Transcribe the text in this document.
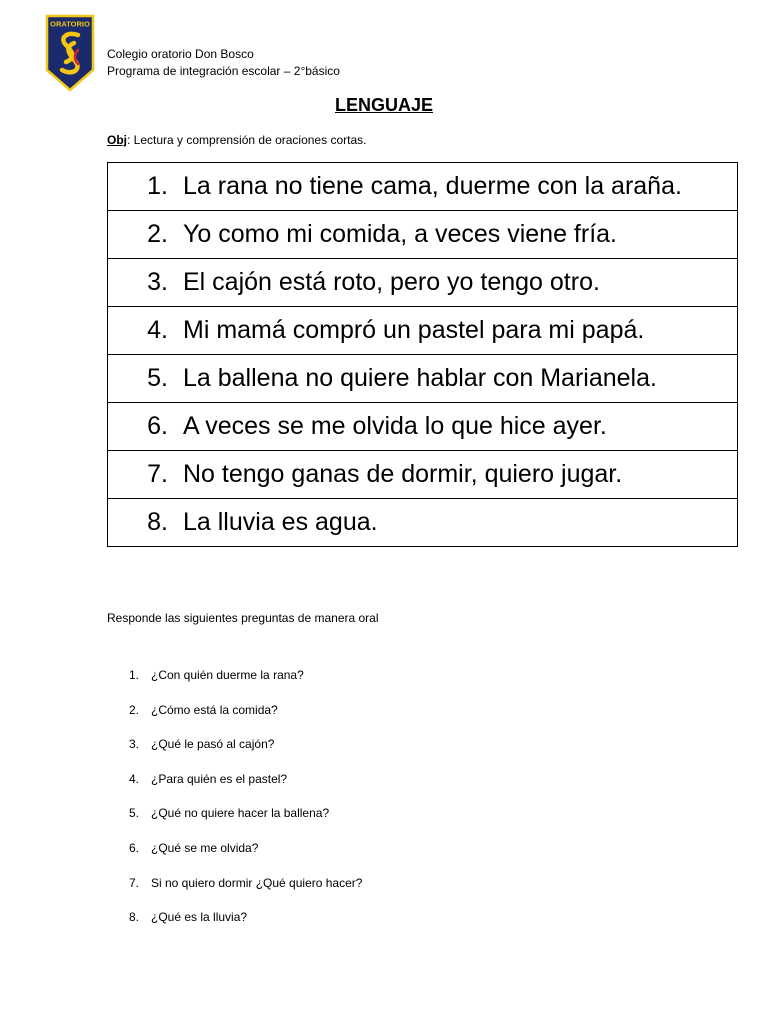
ORATORIO
Colegio oratorio Don Bosco
Programa de integración escolar – 2°básico
LENGUAJE
Obj: Lectura y comprensión de oraciones cortas.
1. La rana no tiene cama, duerme con la araña.
2. Yo como mi comida, a veces viene fría.
3. El cajón está roto, pero yo tengo otro.
4. Mi mamá compró un pastel para mi papá.
5. La ballena no quiere hablar con Marianela.
6. A veces se me olvida lo que hice ayer.
7. No tengo ganas de dormir, quiero jugar.
8. La lluvia es agua.
Responde las siguientes preguntas de manera oral
1. ¿Con quién duerme la rana?
2. ¿Cómo está la comida?
3. ¿Qué le pasó al cajón?
4. ¿Para quién es el pastel?
5. ¿Qué no quiere hacer la ballena?
6. ¿Qué se me olvida?
7. Si no quiero dormir ¿Qué quiero hacer?
8. ¿Qué es la lluvia?
